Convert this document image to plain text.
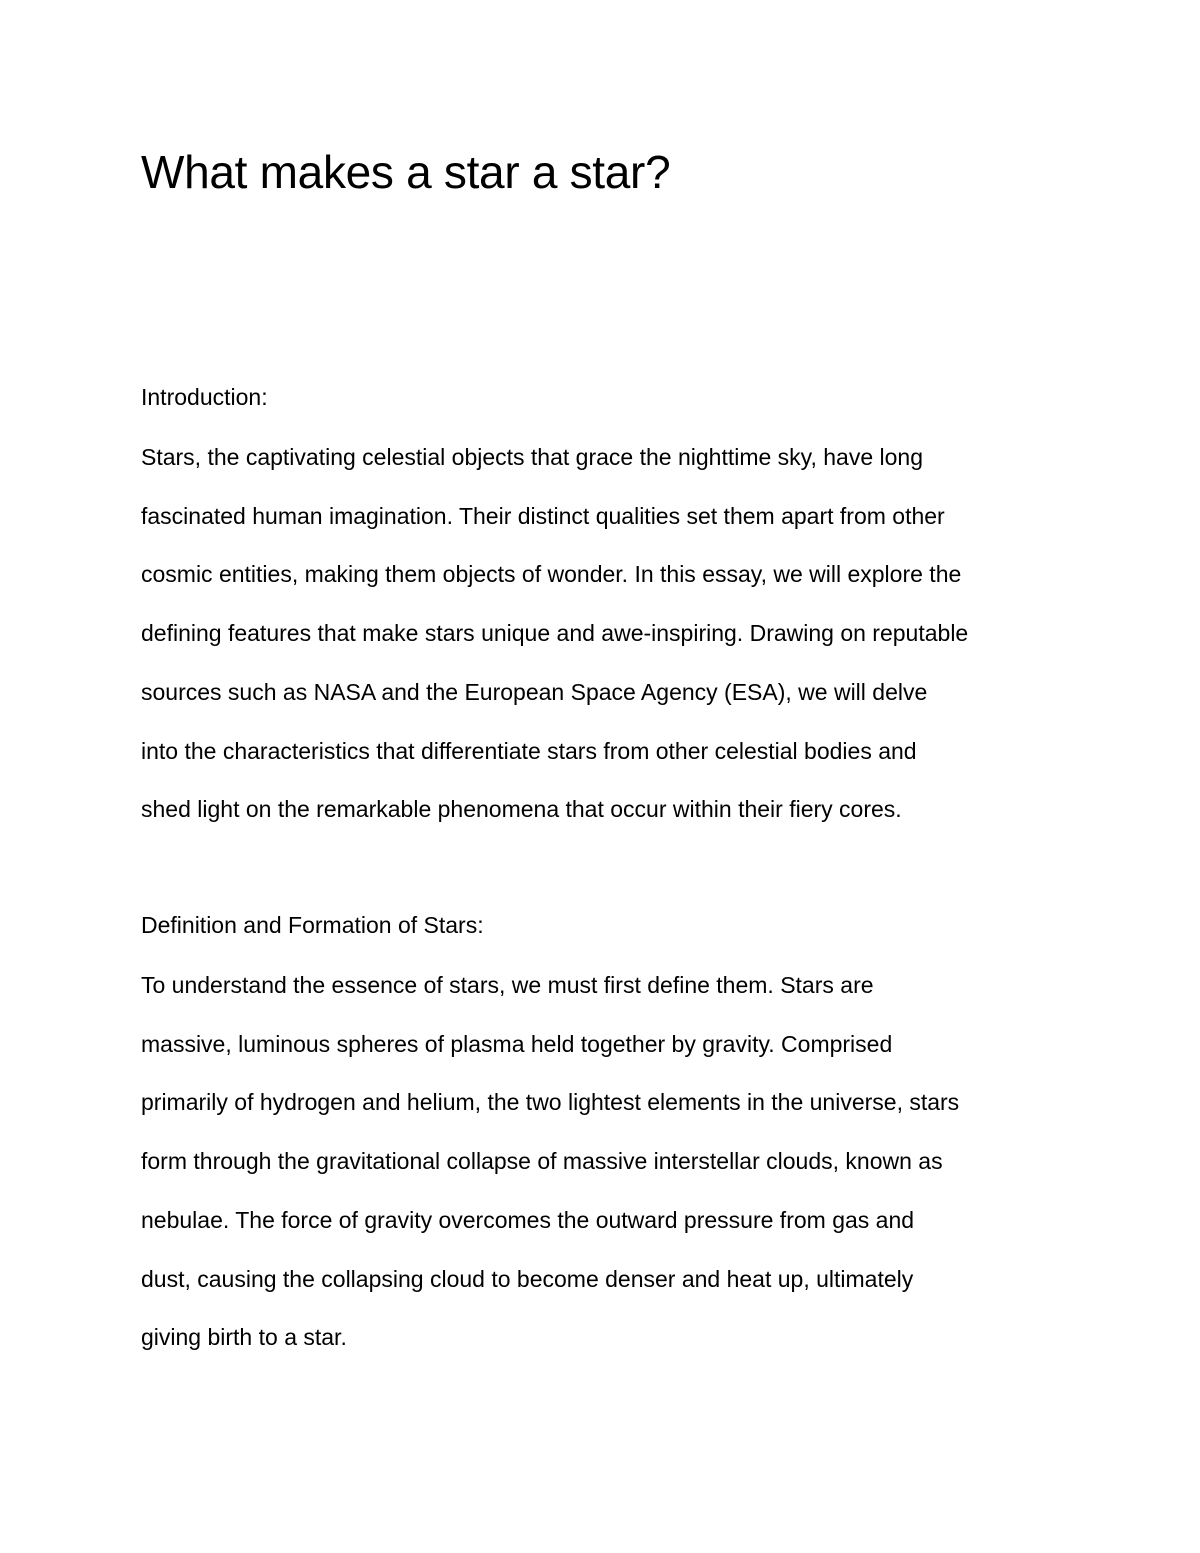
What makes a star a star?
Introduction:

Stars, the captivating celestial objects that grace the nighttime sky, have long

fascinated human imagination. Their distinct qualities set them apart from other

cosmic entities, making them objects of wonder. In this essay, we will explore the

defining features that make stars unique and awe-inspiring. Drawing on reputable

sources such as NASA and the European Space Agency (ESA), we will delve

into the characteristics that differentiate stars from other celestial bodies and

shed light on the remarkable phenomena that occur within their fiery cores.

Definition and Formation of Stars:

To understand the essence of stars, we must first define them. Stars are

massive, luminous spheres of plasma held together by gravity. Comprised

primarily of hydrogen and helium, the two lightest elements in the universe, stars

form through the gravitational collapse of massive interstellar clouds, known as

nebulae. The force of gravity overcomes the outward pressure from gas and

dust, causing the collapsing cloud to become denser and heat up, ultimately

giving birth to a star.
